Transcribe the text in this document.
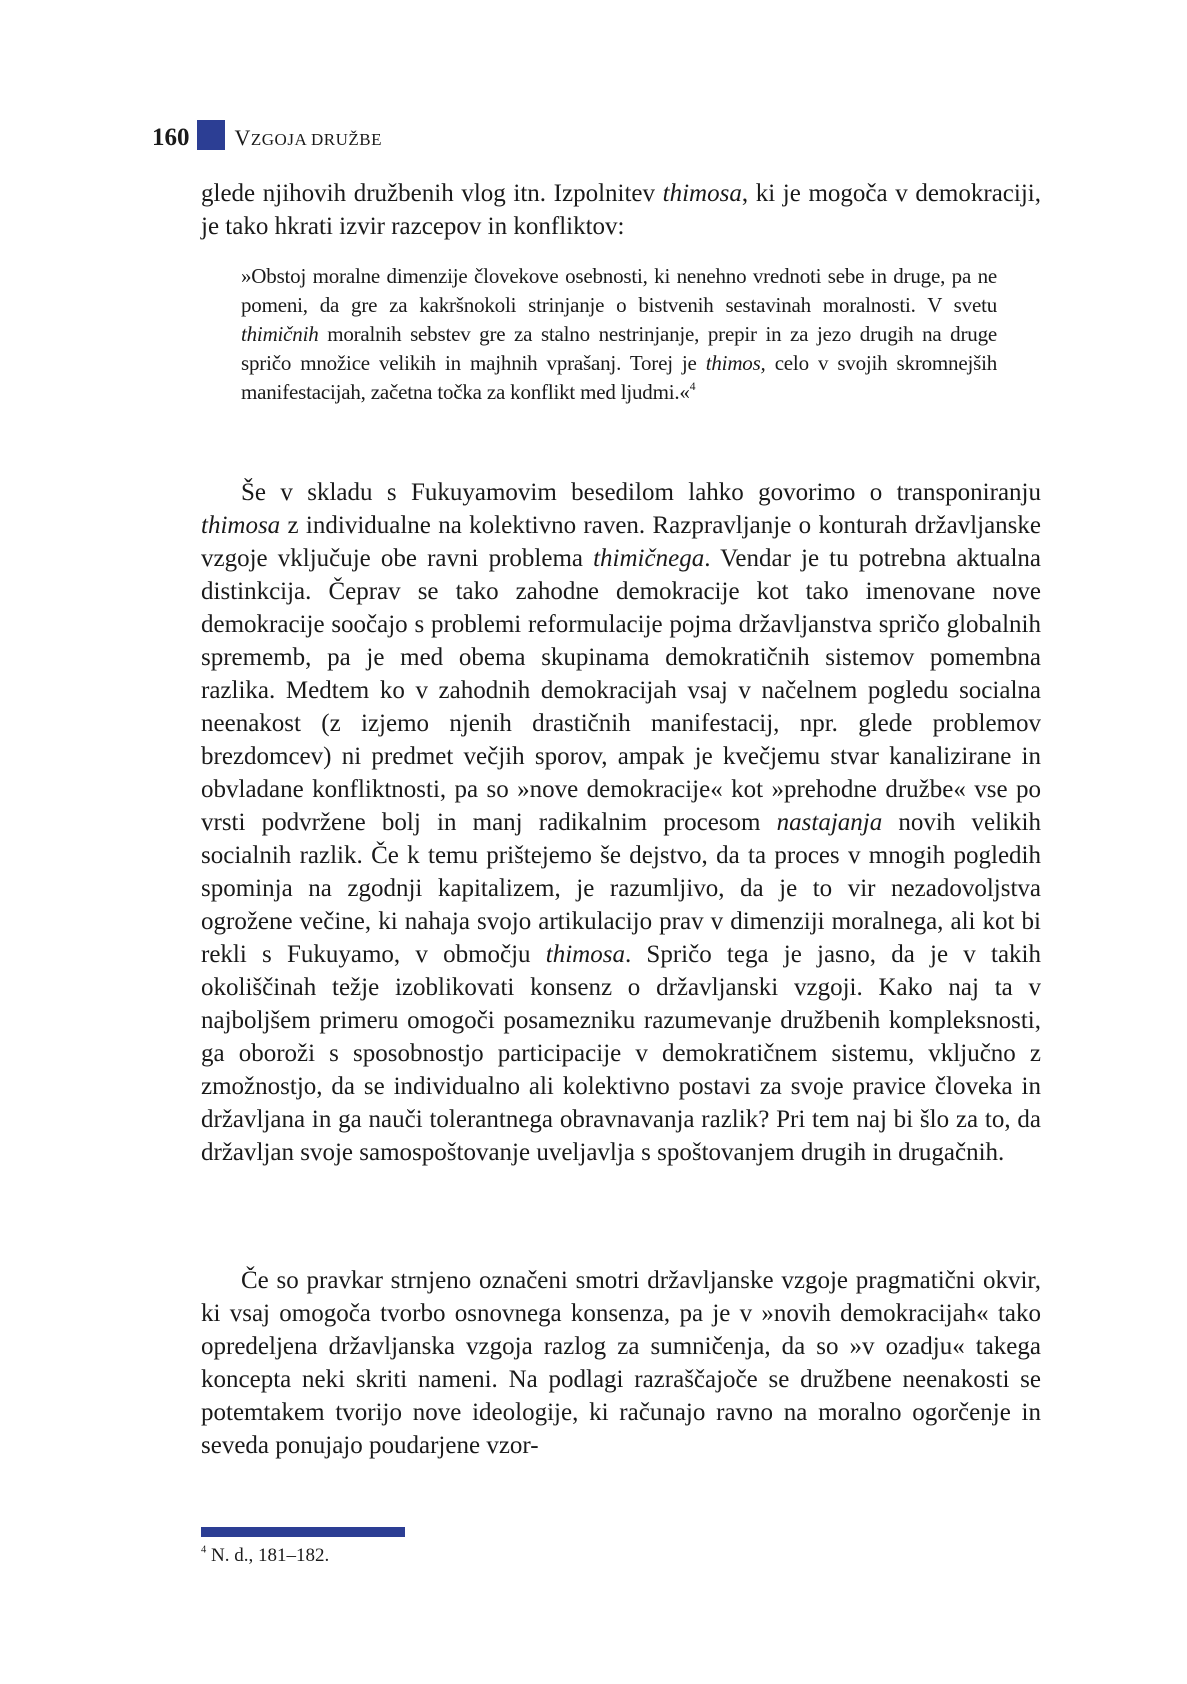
160 VZGOJA DRUŽBE

glede njihovih družbenih vlog itn. Izpolnitev thimosa, ki je mogoča v demokraciji, je tako hkrati izvir razcepov in konfliktov:

»Obstoj moralne dimenzije človekove osebnosti, ki nenehno vrednoti sebe in druge, pa ne pomeni, da gre za kakršnokoli strinjanje o bistvenih sestavinah moralnosti. V svetu thimičnih moralnih sebstev gre za stalno nestrinjanje, prepir in za jezo drugih na druge spričo množice velikih in majhnih vprašanj. Torej je thimos, celo v svojih skromnejših manifestacijah, začetna točka za konflikt med ljudmi.«$^4$

Še v skladu s Fukuyamovim besedilom lahko govorimo o transponiranju thimosa z individualne na kolektivno raven. Razpravljanje o konturah državljanske vzgoje vključuje obe ravni problema thimičnega. Vendar je tu potrebna aktualna distinkcija. Čeprav se tako zahodne demokracije kot tako imenovane nove demokracije soočajo s problemi reformulacije pojma državljanstva spričo globalnih sprememb, pa je med obema skupinama demokratičnih sistemov pomembna razlika. Medtem ko v zahodnih demokracijah vsaj v načelnem pogledu socialna neenakost (z izjemo njenih drastičnih manifestacij, npr. glede problemov brezdomcev) ni predmet večjih sporov, ampak je kvečjemu stvar kanalizirane in obvladane konfliktnosti, pa so »nove demokracije« kot »prehodne družbe« vse po vrsti podvržene bolj in manj radikalnim procesom nastajanja novih velikih socialnih razlik. Če k temu prištejemo še dejstvo, da ta proces v mnogih pogledih spominja na zgodnji kapitalizem, je razumljivo, da je to vir nezadovoljstva ogrožene večine, ki nahaja svojo artikulacijo prav v dimenziji moralnega, ali kot bi rekli s Fukuyamo, v območju thimosa. Spričo tega je jasno, da je v takih okoliščinah težje izoblikovati konsenz o državljanski vzgoji. Kako naj ta v najboljšem primeru omogoči posamezniku razumevanje družbenih kompleksnosti, ga oboroži s sposobnostjo participacije v demokratičnem sistemu, vključno z zmožnostjo, da se individualno ali kolektivno postavi za svoje pravice človeka in državljana in ga nauči tolerantnega obravnavanja razlik? Pri tem naj bi šlo za to, da državljan svoje samospoštovanje uveljavlja s spoštovanjem drugih in drugačnih.

Če so pravkar strnjeno označeni smotri državljanske vzgoje pragmatični okvir, ki vsaj omogoča tvorbo osnovnega konsenza, pa je v »novih demokracijah« tako opredeljena državljanska vzgoja razlog za sumničenja, da so »v ozadju« takega koncepta neki skriti nameni. Na podlagi razraščajoče se družbene neenakosti se potemtakem tvorijo nove ideologije, ki računajo ravno na moralno ogorčenje in seveda ponujajo poudarjene vzor-

$^4$ N. d., 181–182.
